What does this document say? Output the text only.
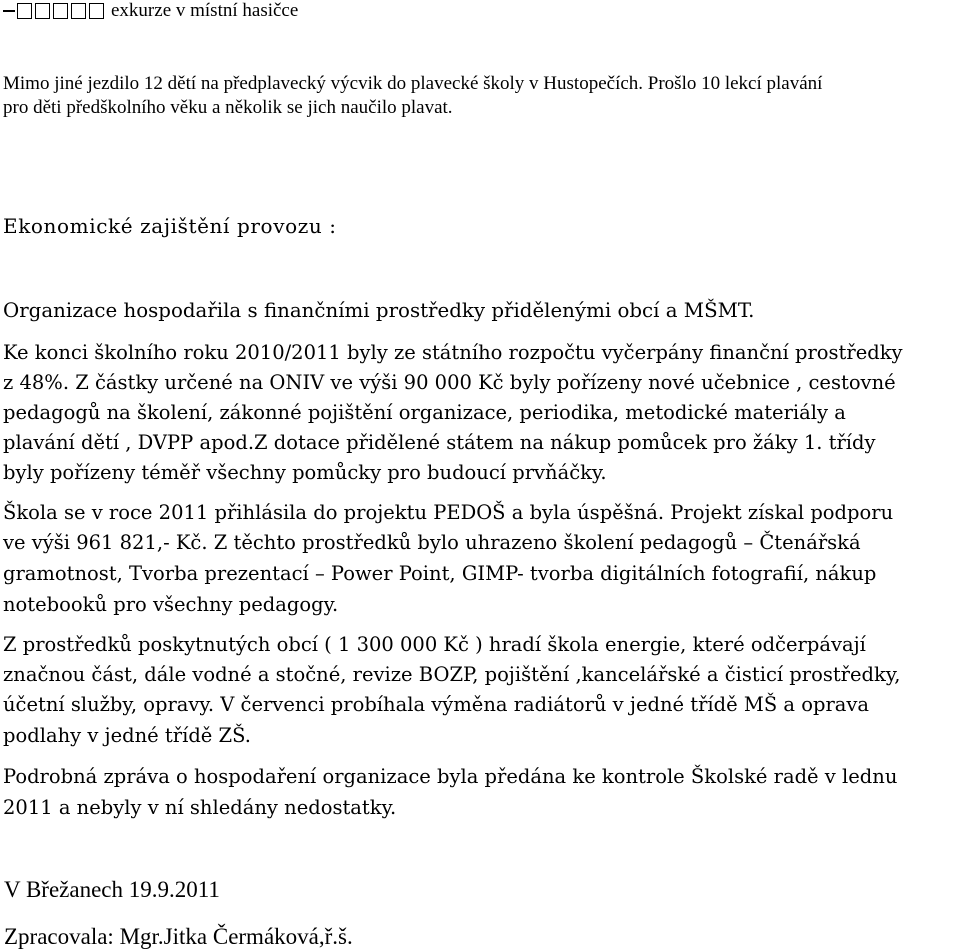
exkurze v místní hasičce
Mimo jiné jezdilo 12 dětí na předplavecký výcvik do plavecké školy v Hustopečích. Prošlo 10 lekcí plavání
pro děti předškolního věku a několik se jich naučilo plavat.
Ekonomické zajištění provozu :
Organizace hospodařila s finančními prostředky přidělenými obcí a MŠMT.
Ke konci školního roku 2010/2011 byly ze státního rozpočtu vyčerpány finanční prostředky
z 48%. Z částky určené na ONIV ve výši 90 000 Kč byly pořízeny nové učebnice , cestovné
pedagogů na školení, zákonné pojištění organizace, periodika, metodické materiály a
plavání dětí , DVPP apod.Z dotace přidělené státem na nákup pomůcek pro žáky 1. třídy
byly pořízeny téměř všechny pomůcky pro budoucí prvňáčky.
Škola se v roce 2011 přihlásila do projektu PEDOŠ a byla úspěšná. Projekt získal podporu
ve výši 961 821,- Kč. Z těchto prostředků bylo uhrazeno školení pedagogů – Čtenářská
gramotnost, Tvorba prezentací – Power Point, GIMP- tvorba digitálních fotografií, nákup
notebooků pro všechny pedagogy.
Z prostředků poskytnutých obcí ( 1 300 000 Kč ) hradí škola energie, které odčerpávají
značnou část, dále vodné a stočné, revize BOZP, pojištění ,kancelářské a čisticí prostředky,
účetní služby, opravy. V červenci probíhala výměna radiátorů v jedné třídě MŠ a oprava
podlahy v jedné třídě ZŠ.
Podrobná zpráva o hospodaření organizace byla předána ke kontrole Školské radě v lednu
2011 a nebyly v ní shledány nedostatky.
V Břežanech 19.9.2011
Zpracovala: Mgr.Jitka Čermáková,ř.š.
